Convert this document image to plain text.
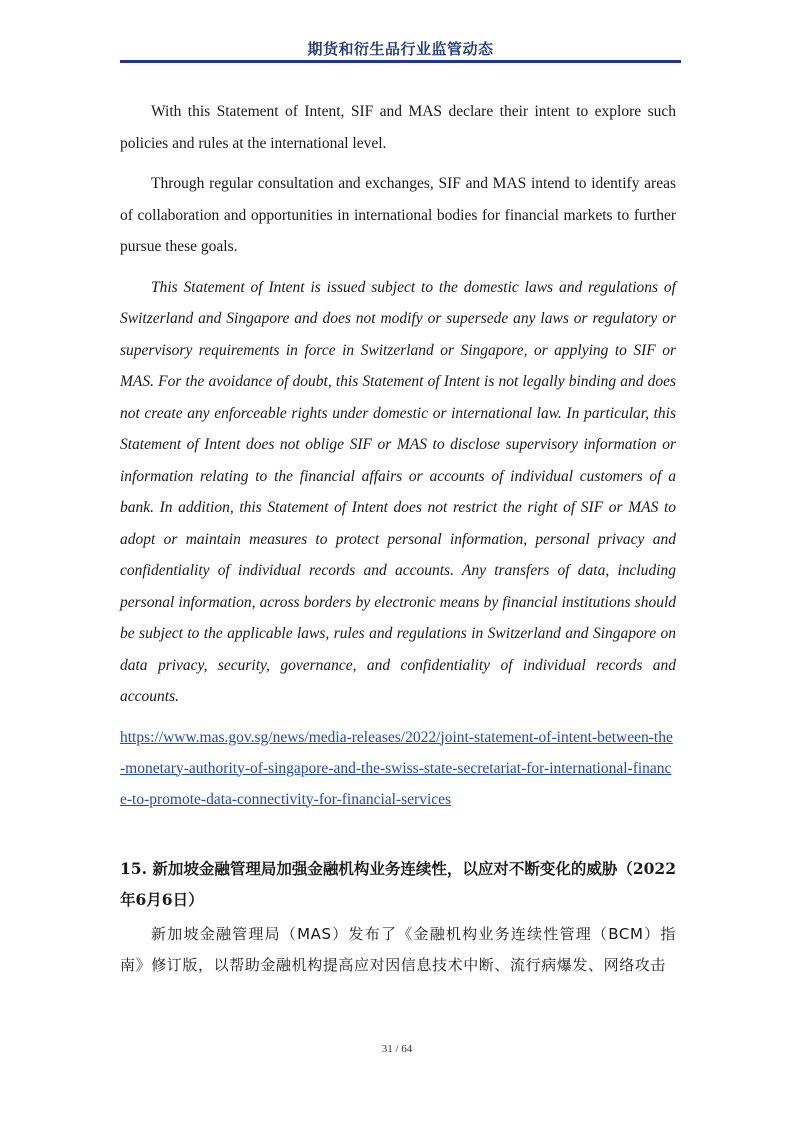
期货和衍生品行业监管动态

With this Statement of Intent, SIF and MAS declare their intent to explore such policies and rules at the international level.

Through regular consultation and exchanges, SIF and MAS intend to identify areas of collaboration and opportunities in international bodies for financial markets to further pursue these goals.

This Statement of Intent is issued subject to the domestic laws and regulations of Switzerland and Singapore and does not modify or supersede any laws or regulatory or supervisory requirements in force in Switzerland or Singapore, or applying to SIF or MAS. For the avoidance of doubt, this Statement of Intent is not legally binding and does not create any enforceable rights under domestic or international law. In particular, this Statement of Intent does not oblige SIF or MAS to disclose supervisory information or information relating to the financial affairs or accounts of individual customers of a bank. In addition, this Statement of Intent does not restrict the right of SIF or MAS to adopt or maintain measures to protect personal information, personal privacy and confidentiality of individual records and accounts. Any transfers of data, including personal information, across borders by electronic means by financial institutions should be subject to the applicable laws, rules and regulations in Switzerland and Singapore on data privacy, security, governance, and confidentiality of individual records and accounts.

https://www.mas.gov.sg/news/media-releases/2022/joint-statement-of-intent-between-the-monetary-authority-of-singapore-and-the-swiss-state-secretariat-for-international-finance-to-promote-data-connectivity-for-financial-services

15. 新加坡金融管理局加强金融机构业务连续性，以应对不断变化的威胁（2022年6月6日）

新加坡金融管理局（MAS）发布了《金融机构业务连续性管理（BCM）指南》修订版，以帮助金融机构提高应对因信息技术中断、流行病爆发、网络攻击

31 / 64
